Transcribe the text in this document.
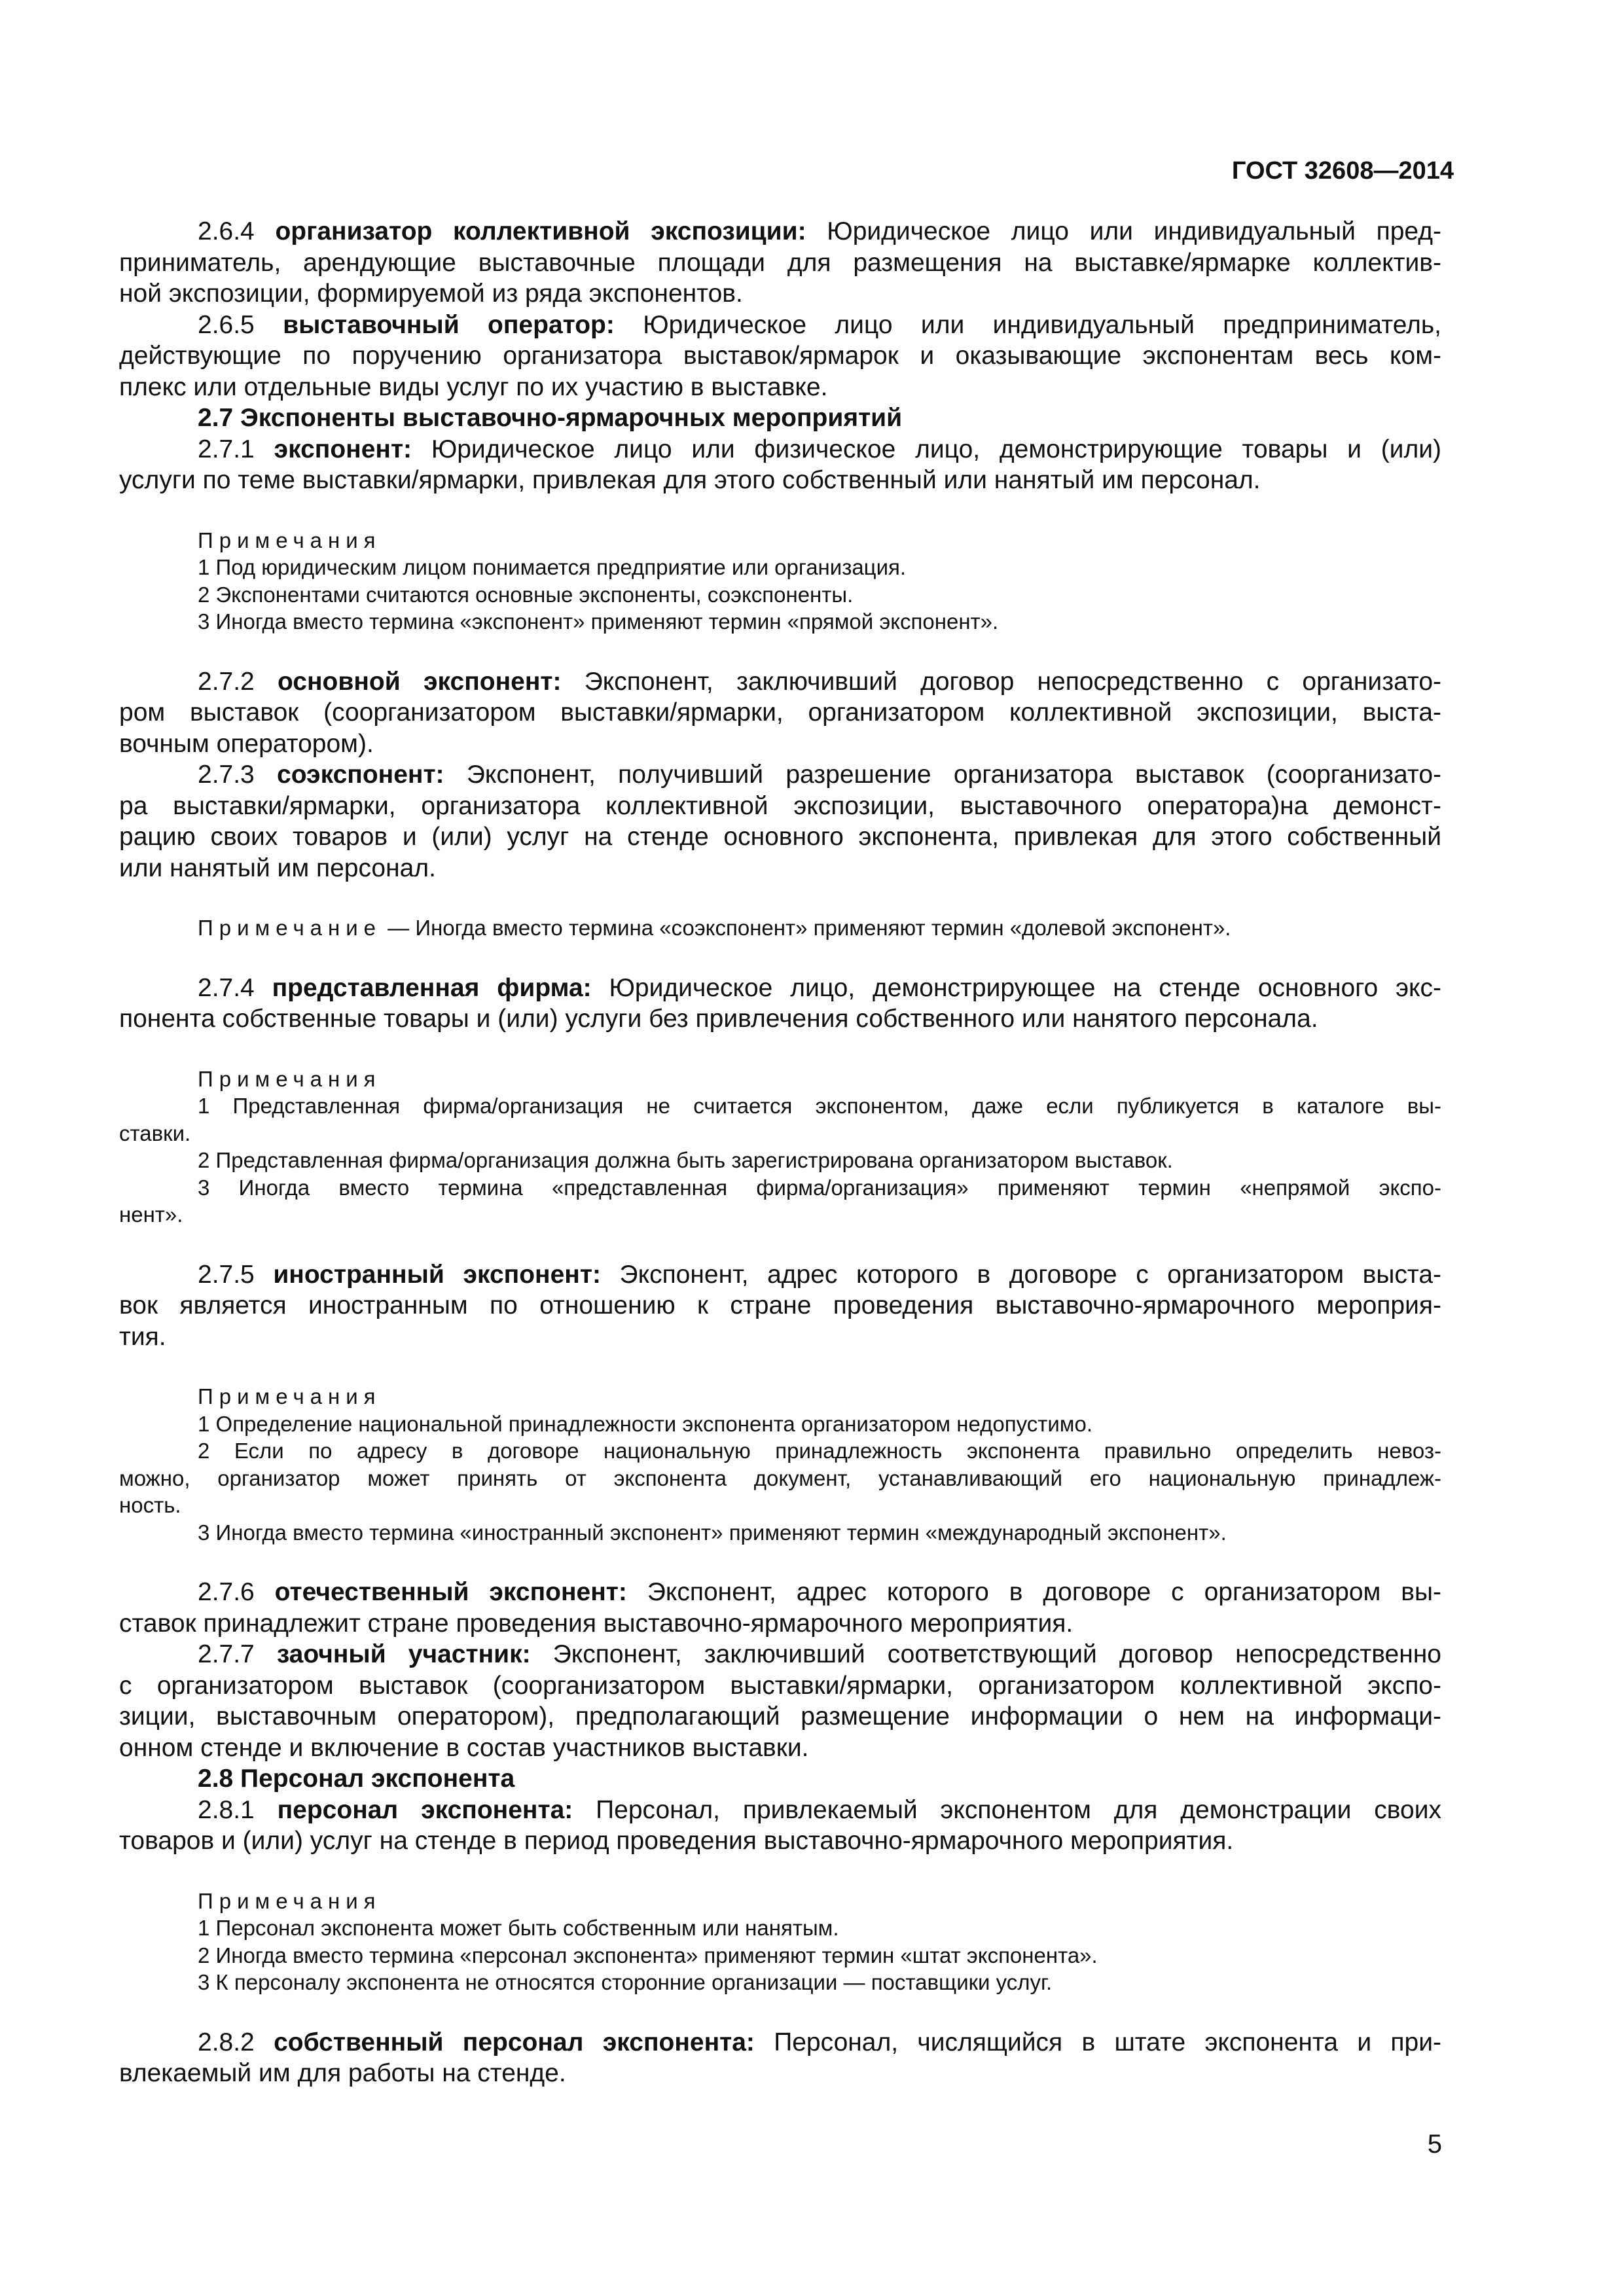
ГОСТ 32608—2014
2.6.4 организатор коллективной экспозиции: Юридическое лицо или индивидуальный пред-
приниматель, арендующие выставочные площади для размещения на выставке/ярмарке коллектив-
ной экспозиции, формируемой из ряда экспонентов.
2.6.5 выставочный оператор: Юридическое лицо или индивидуальный предприниматель,
действующие по поручению организатора выставок/ярмарок и оказывающие экспонентам весь ком-
плекс или отдельные виды услуг по их участию в выставке.
2.7 Экспоненты выставочно-ярмарочных мероприятий
2.7.1 экспонент: Юридическое лицо или физическое лицо, демонстрирующие товары и (или)
услуги по теме выставки/ярмарки, привлекая для этого собственный или нанятый им персонал.
Примечания
1 Под юридическим лицом понимается предприятие или организация.
2 Экспонентами считаются основные экспоненты, соэкспоненты.
3 Иногда вместо термина «экспонент» применяют термин «прямой экспонент».
2.7.2 основной экспонент: Экспонент, заключивший договор непосредственно с организато-
ром выставок (соорганизатором выставки/ярмарки, организатором коллективной экспозиции, выста-
вочным оператором).
2.7.3 соэкспонент: Экспонент, получивший разрешение организатора выставок (соорганизато-
ра выставки/ярмарки, организатора коллективной экспозиции, выставочного оператора)на демонст-
рацию своих товаров и (или) услуг на стенде основного экспонента, привлекая для этого собственный
или нанятый им персонал.
Примечание — Иногда вместо термина «соэкспонент» применяют термин «долевой экспонент».
2.7.4 представленная фирма: Юридическое лицо, демонстрирующее на стенде основного экс-
понента собственные товары и (или) услуги без привлечения собственного или нанятого персонала.
Примечания
1 Представленная фирма/организация не считается экспонентом, даже если публикуется в каталоге вы-
ставки.
2 Представленная фирма/организация должна быть зарегистрирована организатором выставок.
3 Иногда вместо термина «представленная фирма/организация» применяют термин «непрямой экспо-
нент».
2.7.5 иностранный экспонент: Экспонент, адрес которого в договоре с организатором выста-
вок является иностранным по отношению к стране проведения выставочно-ярмарочного мероприя-
тия.
Примечания
1 Определение национальной принадлежности экспонента организатором недопустимо.
2 Если по адресу в договоре национальную принадлежность экспонента правильно определить невоз-
можно, организатор может принять от экспонента документ, устанавливающий его национальную принадлеж-
ность.
3 Иногда вместо термина «иностранный экспонент» применяют термин «международный экспонент».
2.7.6 отечественный экспонент: Экспонент, адрес которого в договоре с организатором вы-
ставок принадлежит стране проведения выставочно-ярмарочного мероприятия.
2.7.7 заочный участник: Экспонент, заключивший соответствующий договор непосредственно
с организатором выставок (соорганизатором выставки/ярмарки, организатором коллективной экспо-
зиции, выставочным оператором), предполагающий размещение информации о нем на информаци-
онном стенде и включение в состав участников выставки.
2.8 Персонал экспонента
2.8.1 персонал экспонента: Персонал, привлекаемый экспонентом для демонстрации своих
товаров и (или) услуг на стенде в период проведения выставочно-ярмарочного мероприятия.
Примечания
1 Персонал экспонента может быть собственным или нанятым.
2 Иногда вместо термина «персонал экспонента» применяют термин «штат экспонента».
3 К персоналу экспонента не относятся сторонние организации — поставщики услуг.
2.8.2 собственный персонал экспонента: Персонал, числящийся в штате экспонента и при-
влекаемый им для работы на стенде.
5
